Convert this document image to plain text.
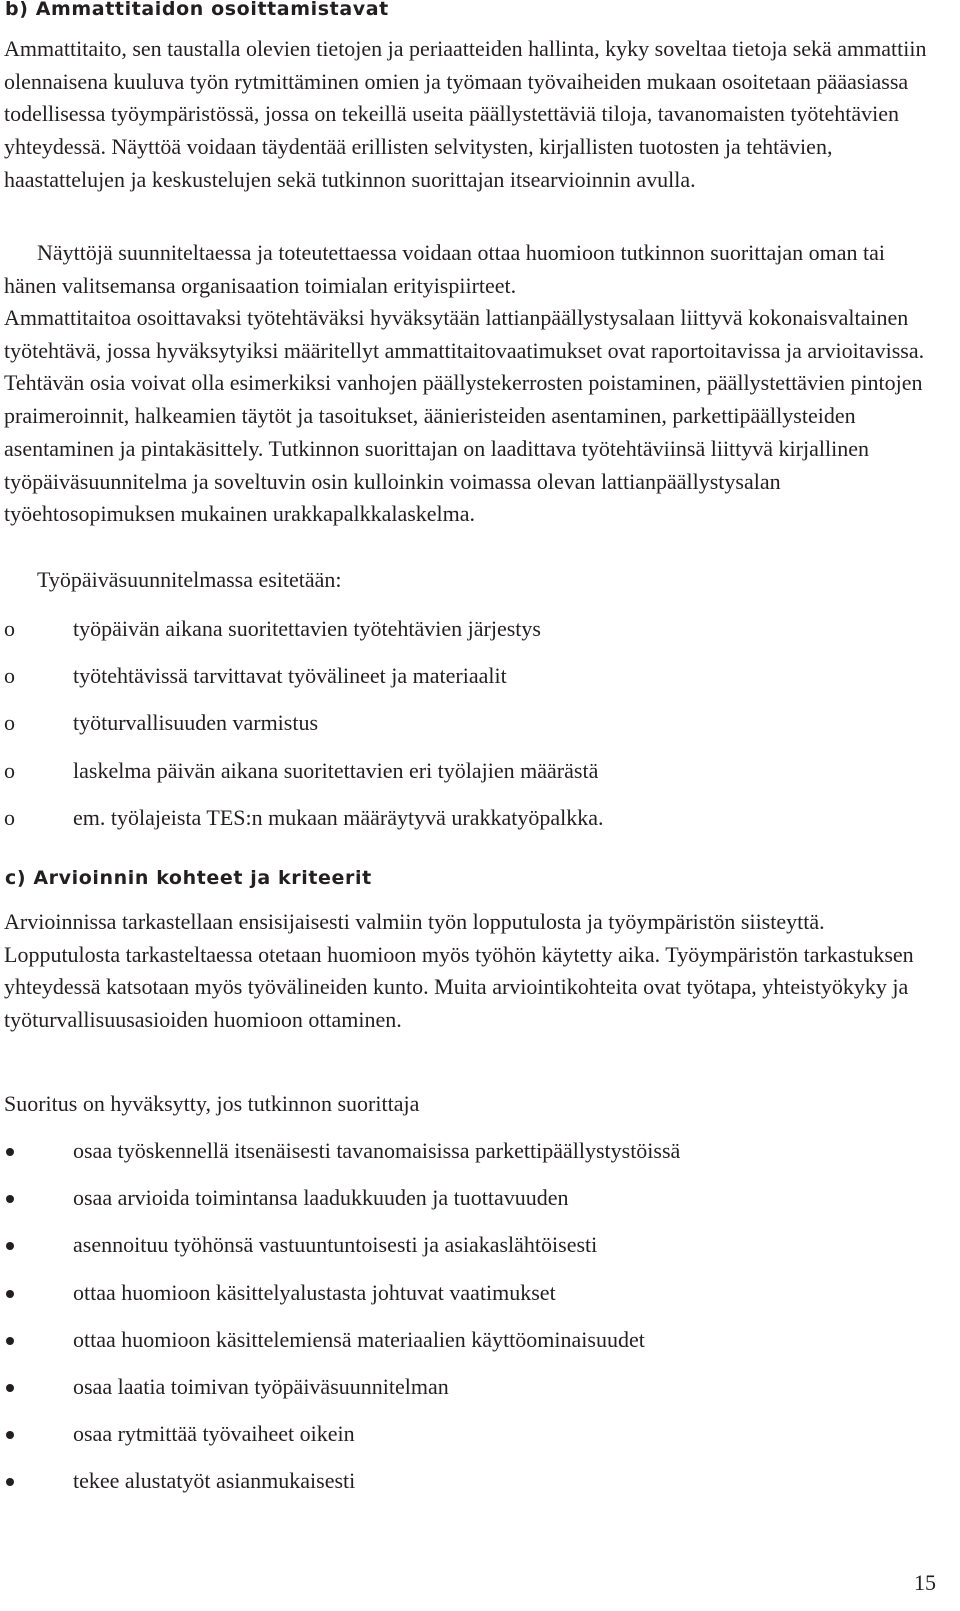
b) Ammattitaidon osoittamistavat

Ammattitaito, sen taustalla olevien tietojen ja periaatteiden hallinta, kyky soveltaa tietoja sekä ammattiin olennaisena kuuluva työn rytmittäminen omien ja työmaan työvaiheiden mukaan osoitetaan pääasiassa todellisessa työympäristössä, jossa on tekeillä useita päällystettäviä tiloja, tavanomaisten työtehtävien yhteydessä. Näyttöä voidaan täydentää erillisten selvitysten, kirjallisten tuotosten ja tehtävien, haastattelujen ja keskustelujen sekä tutkinnon suorittajan itsearvioinnin avulla.

Näyttöjä suunniteltaessa ja toteutettaessa voidaan ottaa huomioon tutkinnon suorittajan oman tai hänen valitsemansa organisaation toimialan erityispiirteet.

Ammattitaitoa osoittavaksi työtehtäväksi hyväksytään lattianpäällystysalaan liittyvä kokonaisvaltainen työtehtävä, jossa hyväksytyiksi määritellyt ammattitaitovaatimukset ovat raportoitavissa ja arvioitavissa. Tehtävän osia voivat olla esimerkiksi vanhojen päällystekerrosten poistaminen, päällystettävien pintojen praimeroinnit, halkeamien täytöt ja tasoitukset, äänieristeiden asentaminen, parkettipäällysteiden asentaminen ja pintakäsittely. Tutkinnon suorittajan on laadittava työtehtäviinsä liittyvä kirjallinen työpäiväsuunnitelma ja soveltuvin osin kulloinkin voimassa olevan lattianpäällystysalan työehtosopimuksen mukainen urakkapalkkalaskelma.

Työpäiväsuunnitelmassa esitetään:

o	työpäivän aikana suoritettavien työtehtävien järjestys
o	työtehtävissä tarvittavat työvälineet ja materiaalit
o	työturvallisuuden varmistus
o	laskelma päivän aikana suoritettavien eri työlajien määrästä
o	em. työlajeista TES:n mukaan määräytyvä urakkatyöpalkka.
c) Arvioinnin kohteet ja kriteerit

Arvioinnissa tarkastellaan ensisijaisesti valmiin työn lopputulosta ja työympäristön siisteyttä. Lopputulosta tarkasteltaessa otetaan huomioon myös työhön käytetty aika. Työympäristön tarkastuksen yhteydessä katsotaan myös työvälineiden kunto. Muita arviointikohteita ovat työtapa, yhteistyökyky ja työturvallisuusasioiden huomioon ottaminen.

Suoritus on hyväksytty, jos tutkinnon suorittaja

osaa työskennellä itsenäisesti tavanomaisissa parkettipäällystystöissä
osaa arvioida toimintansa laadukkuuden ja tuottavuuden
asennoituu työhönsä vastuuntuntoisesti ja asiakaslähtöisesti
ottaa huomioon käsittelyalustasta johtuvat vaatimukset
ottaa huomioon käsittelemiensä materiaalien käyttöominaisuudet
osaa laatia toimivan työpäiväsuunnitelman
osaa rytmittää työvaiheet oikein
tekee alustatyöt asianmukaisesti

15
